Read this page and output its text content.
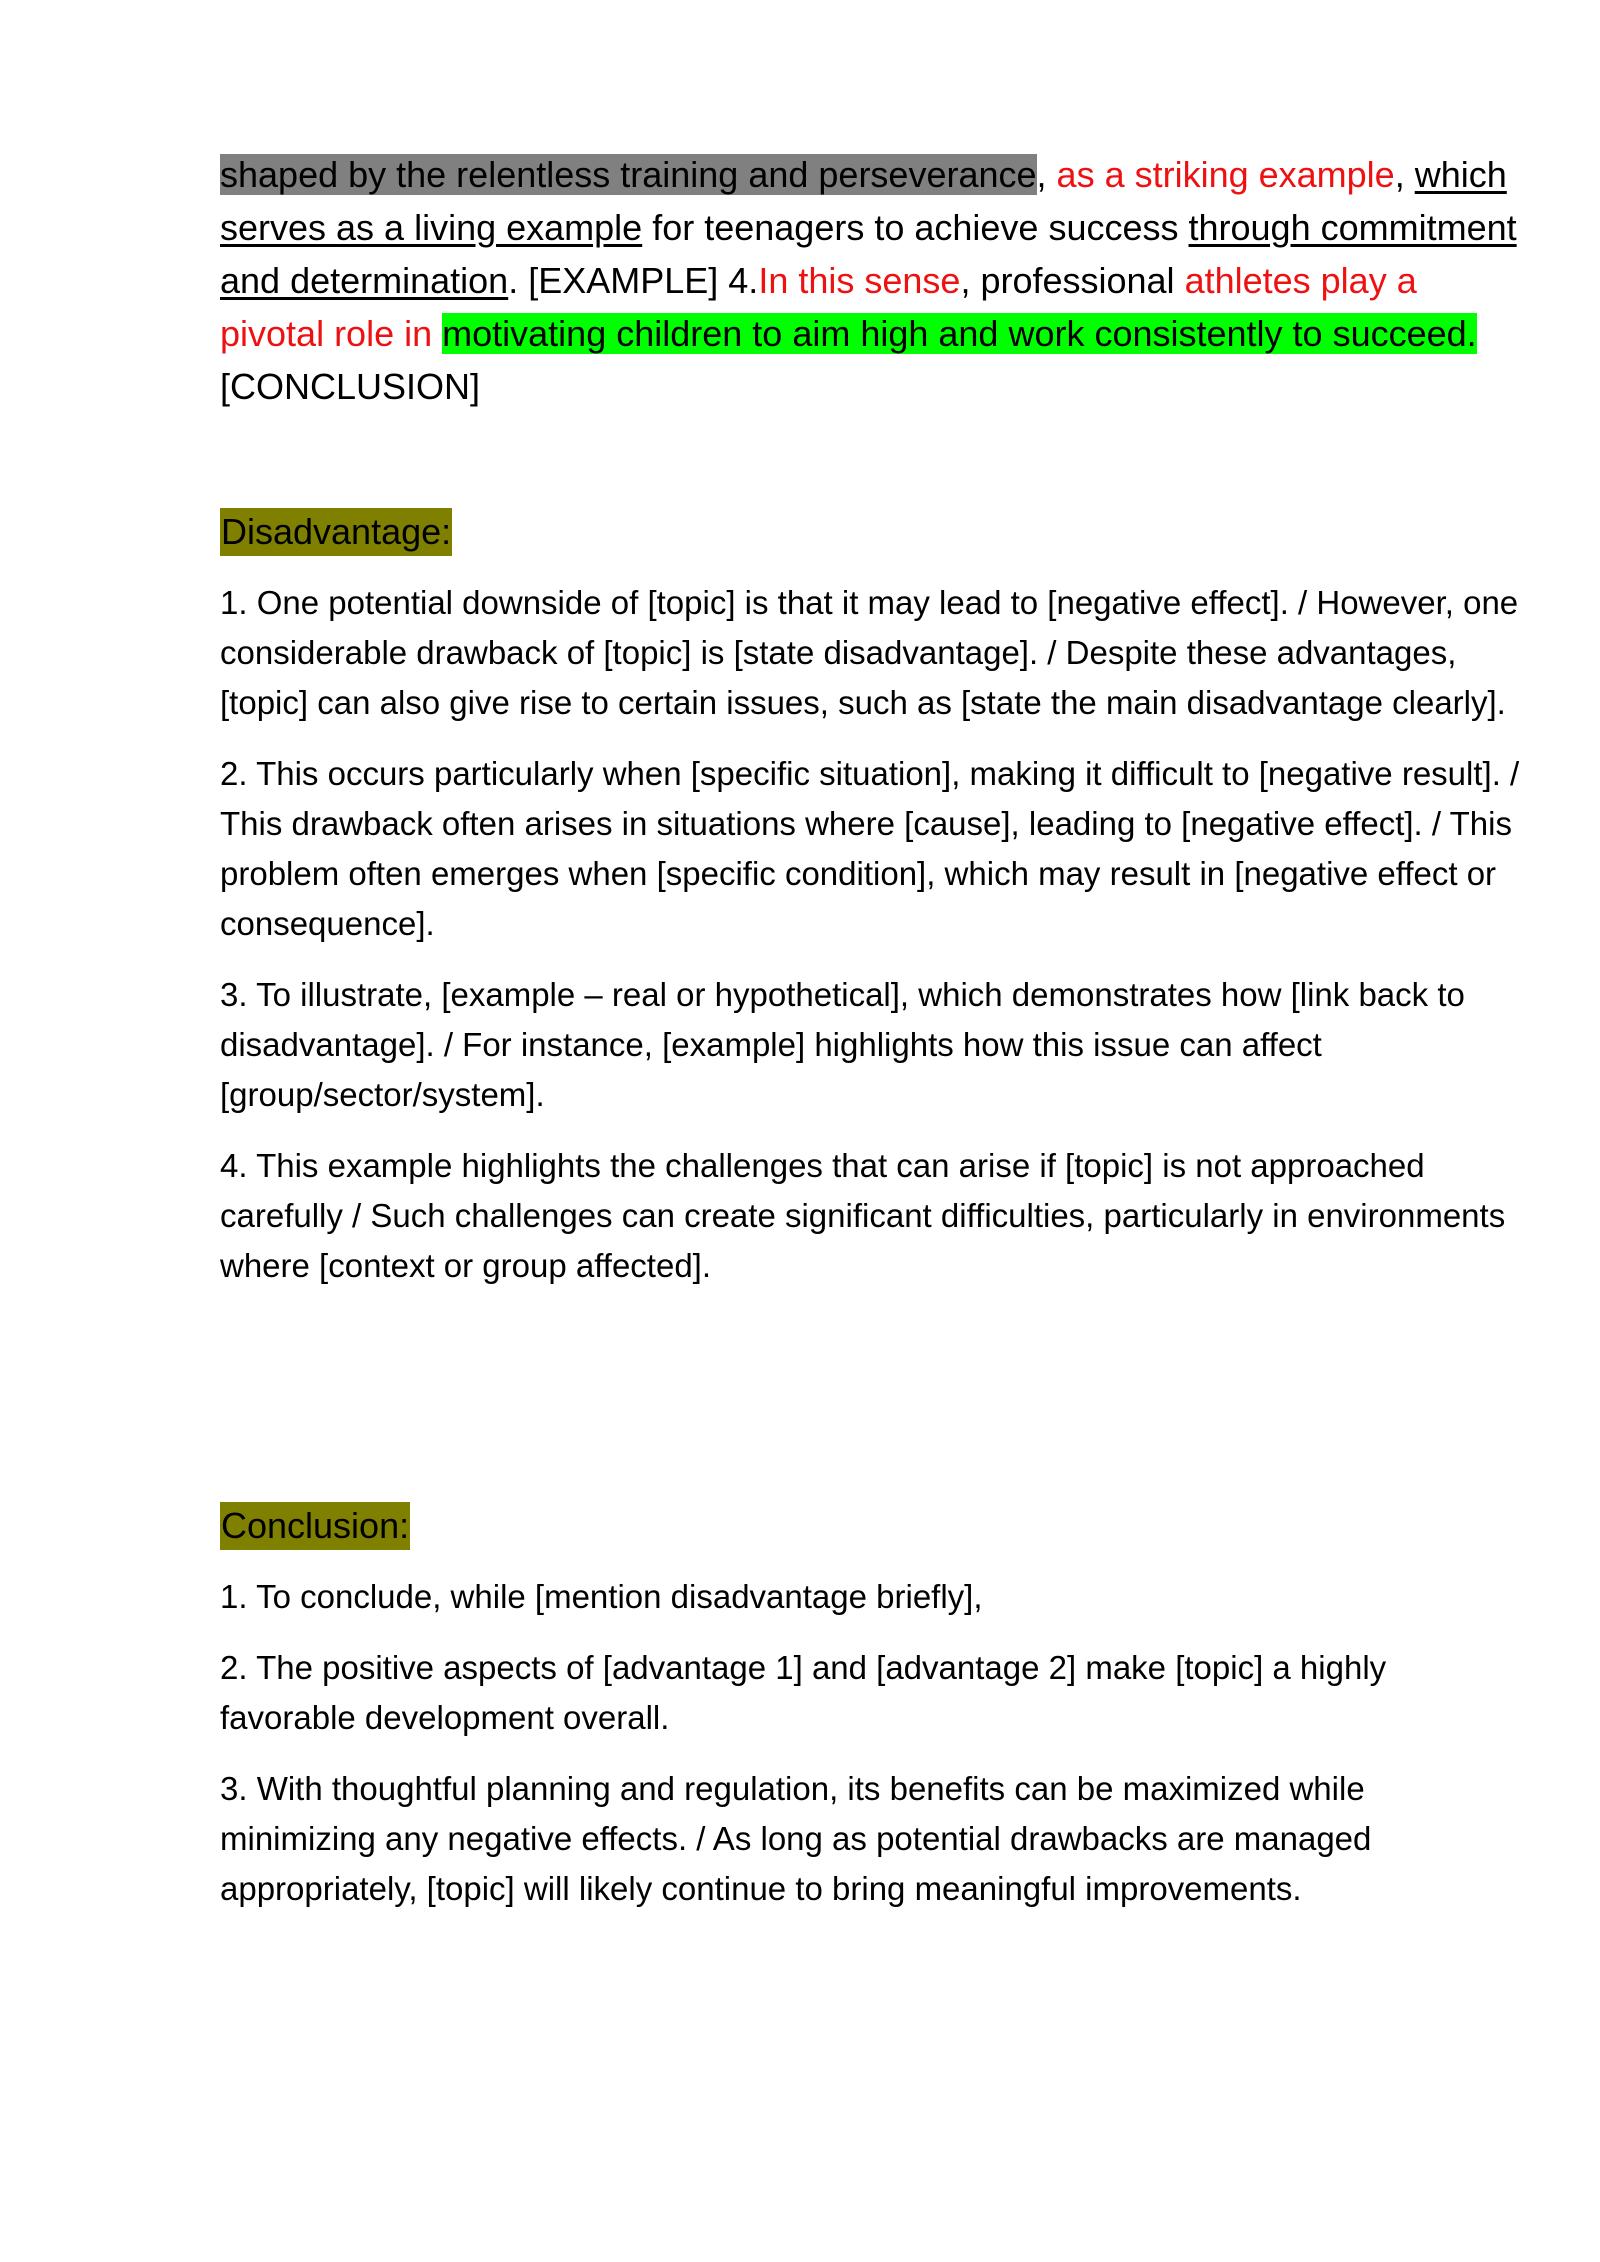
shaped by the relentless training and perseverance, as a striking example, which serves as a living example for teenagers to achieve success through commitment and determination. [EXAMPLE] 4.In this sense, professional athletes play a pivotal role in motivating children to aim high and work consistently to succeed. [CONCLUSION]

Disadvantage:

1. One potential downside of [topic] is that it may lead to [negative effect]. / However, one considerable drawback of [topic] is [state disadvantage]. / Despite these advantages, [topic] can also give rise to certain issues, such as [state the main disadvantage clearly].

2. This occurs particularly when [specific situation], making it difficult to [negative result]. / This drawback often arises in situations where [cause], leading to [negative effect]. / This problem often emerges when [specific condition], which may result in [negative effect or consequence].

3. To illustrate, [example – real or hypothetical], which demonstrates how [link back to disadvantage]. / For instance, [example] highlights how this issue can affect [group/sector/system].

4. This example highlights the challenges that can arise if [topic] is not approached carefully / Such challenges can create significant difficulties, particularly in environments where [context or group affected].

Conclusion:

1. To conclude, while [mention disadvantage briefly],

2. The positive aspects of [advantage 1] and [advantage 2] make [topic] a highly favorable development overall.

3. With thoughtful planning and regulation, its benefits can be maximized while minimizing any negative effects. / As long as potential drawbacks are managed appropriately, [topic] will likely continue to bring meaningful improvements.
